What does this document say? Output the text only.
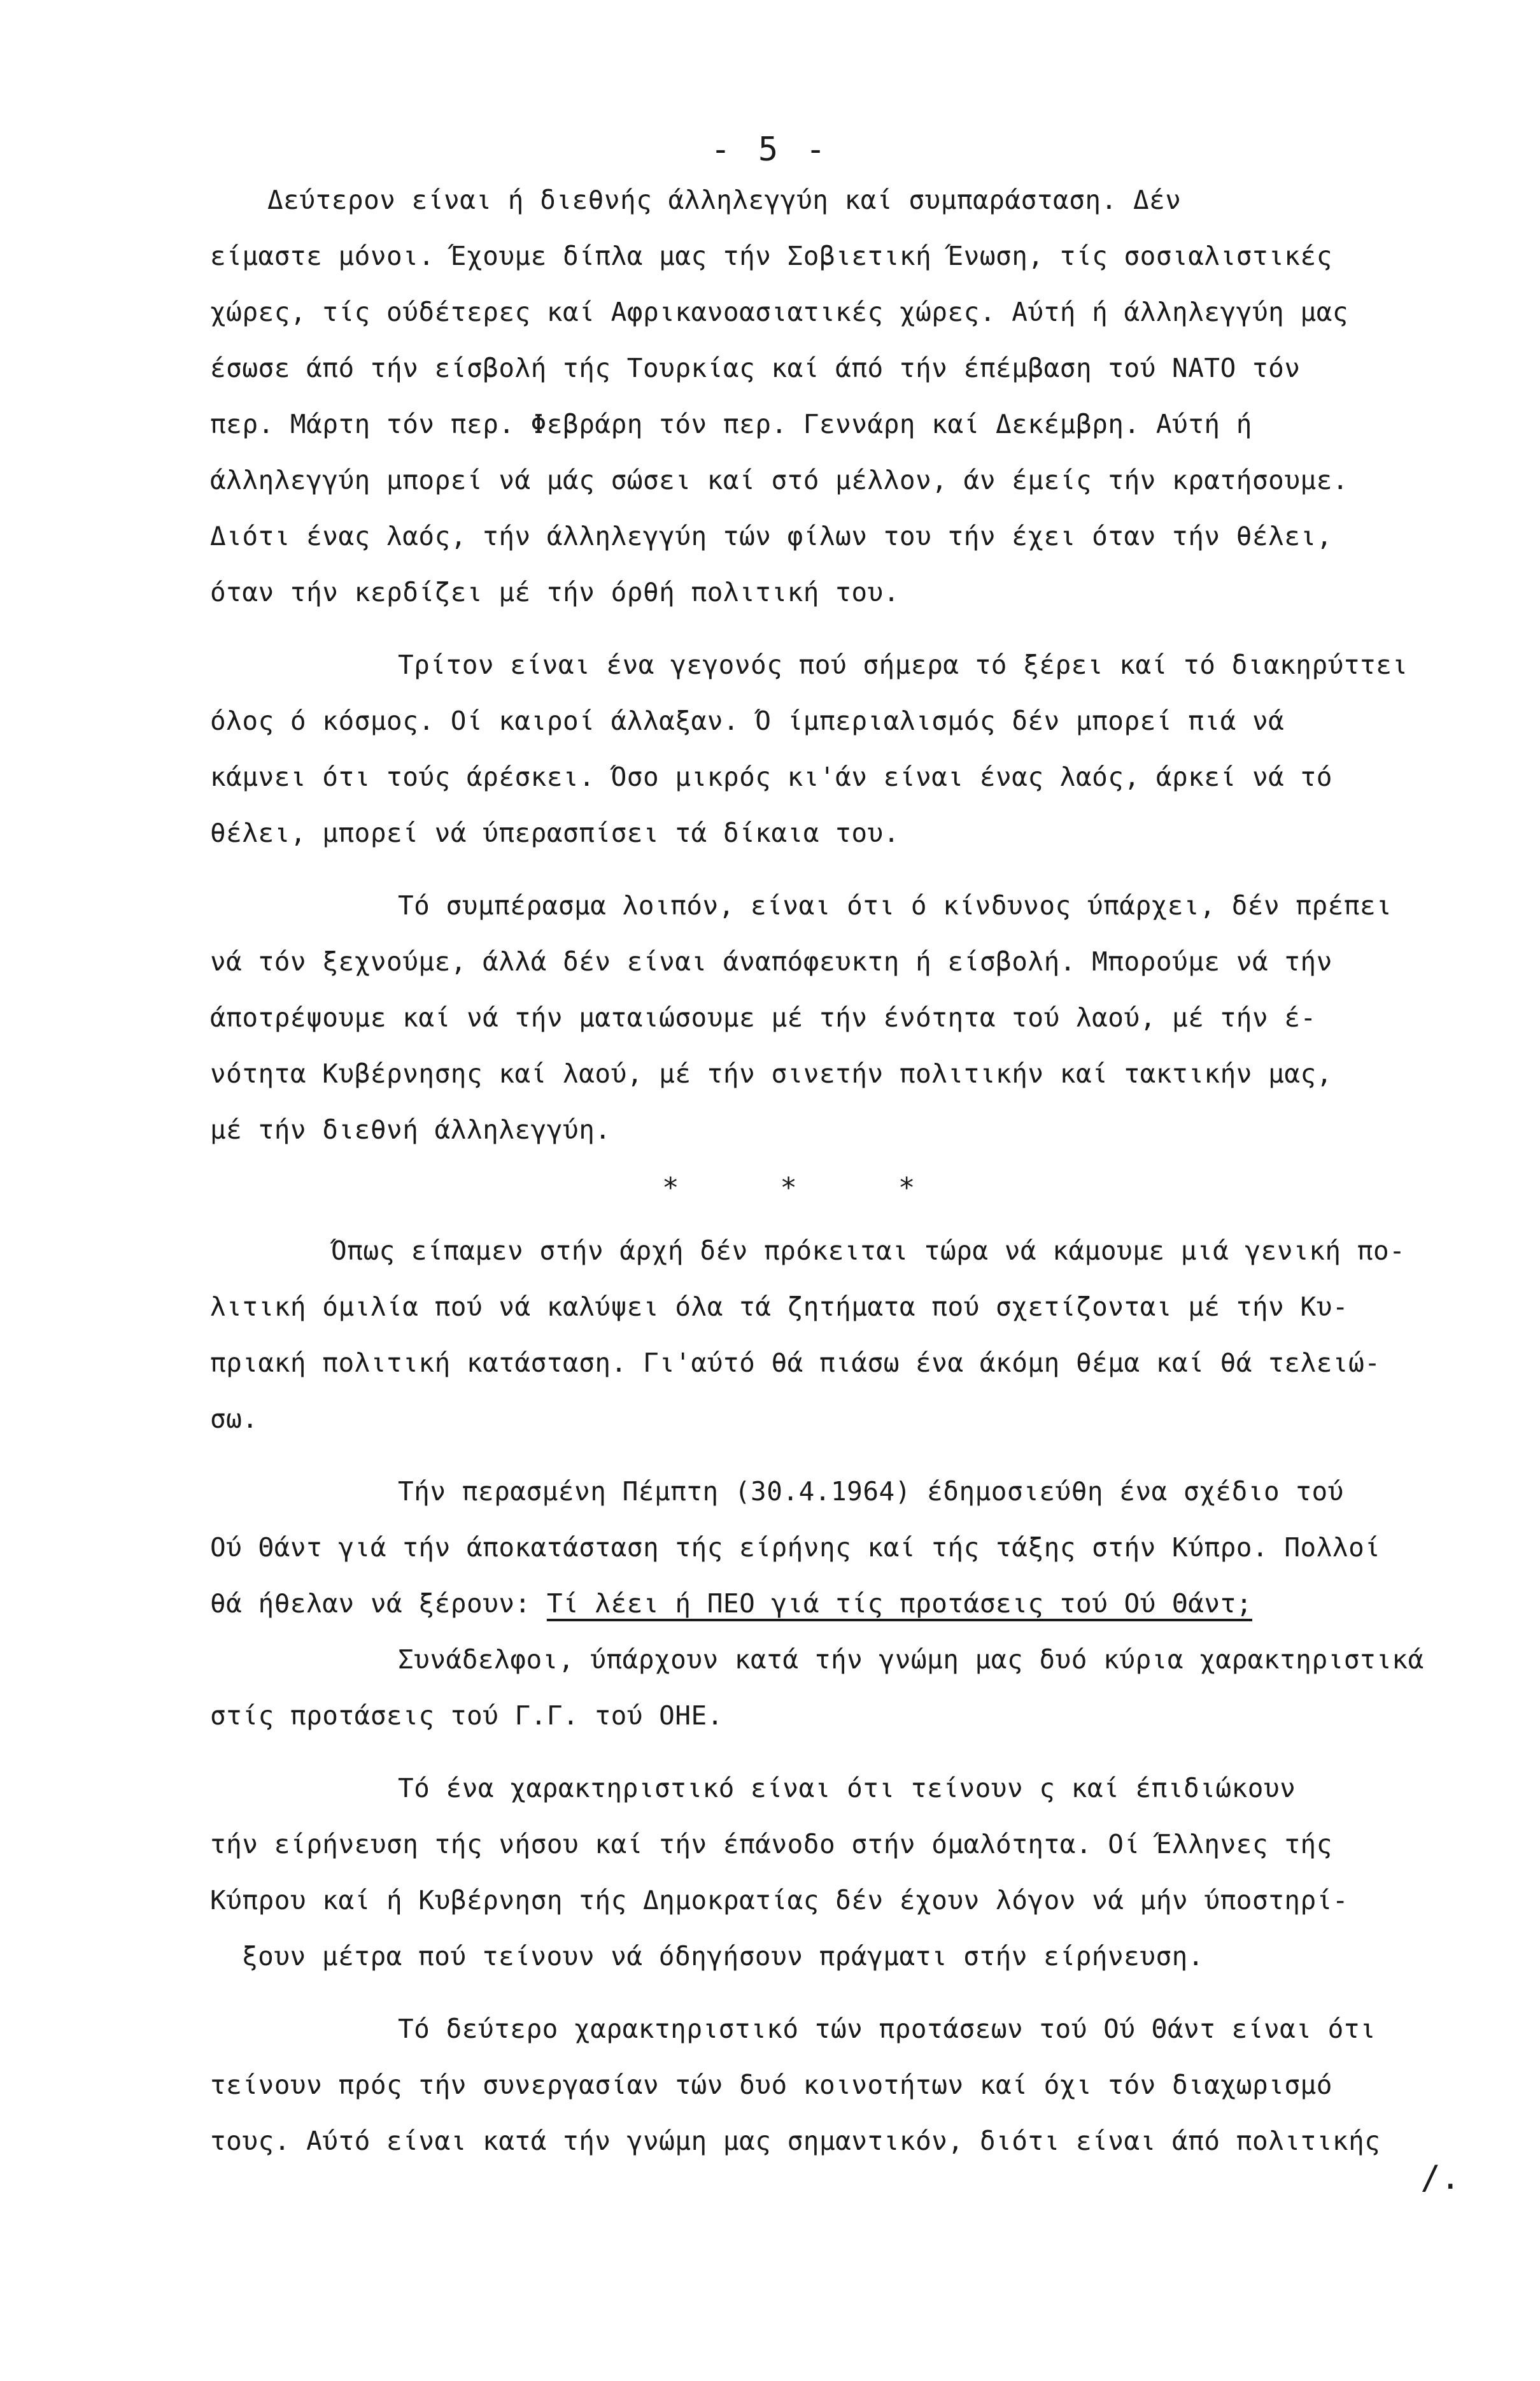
- 5 -
Δεύτερον είναι ή διεθνής άλληλεγγύη καί συμπαράσταση. Δέν
είμαστε μόνοι. Έχουμε δίπλα μας τήν Σοβιετική Ένωση, τίς σοσιαλιστικές
χώρες, τίς ούδέτερες καί Αφρικανοασιατικές χώρες. Αύτή ή άλληλεγγύη μας
έσωσε άπό τήν είσβολή τής Τουρκίας καί άπό τήν έπέμβαση τού ΝΑΤΟ τόν
περ. Μάρτη τόν περ. Φεβράρη τόν περ. Γεννάρη καί Δεκέμβρη. Αύτή ή
άλληλεγγύη μπορεί νά μάς σώσει καί στό μέλλον, άν έμείς τήν κρατήσουμε.
Διότι ένας λαός, τήν άλληλεγγύη τών φίλων του τήν έχει όταν τήν θέλει,
όταν τήν κερδίζει μέ τήν όρθή πολιτική του.
Τρίτον είναι ένα γεγονός πού σήμερα τό ξέρει καί τό διακηρύττει
όλος ό κόσμος. Οί καιροί άλλαξαν. Ό ίμπεριαλισμός δέν μπορεί πιά νά
κάμνει ότι τούς άρέσκει. Όσο μικρός κι'άν είναι ένας λαός, άρκεί νά τό
θέλει, μπορεί νά ύπερασπίσει τά δίκαια του.
Τό συμπέρασμα λοιπόν, είναι ότι ό κίνδυνος ύπάρχει, δέν πρέπει
νά τόν ξεχνούμε, άλλά δέν είναι άναπόφευκτη ή είσβολή. Μπορούμε νά τήν
άποτρέψουμε καί νά τήν ματαιώσουμε μέ τήν ένότητα τού λαού, μέ τήν έ-
νότητα Κυβέρνησης καί λαού, μέ τήν σινετήν πολιτικήν καί τακτικήν μας,
μέ τήν διεθνή άλληλεγγύη.
*      *      *
Όπως είπαμεν στήν άρχή δέν πρόκειται τώρα νά κάμουμε μιά γενική πο-
λιτική όμιλία πού νά καλύψει όλα τά ζητήματα πού σχετίζονται μέ τήν Κυ-
πριακή πολιτική κατάσταση. Γι'αύτό θά πιάσω ένα άκόμη θέμα καί θά τελειώ-
σω.
Τήν περασμένη Πέμπτη (30.4.1964) έδημοσιεύθη ένα σχέδιο τού
Ού Θάντ γιά τήν άποκατάσταση τής είρήνης καί τής τάξης στήν Κύπρο. Πολλοί
θά ήθελαν νά ξέρουν: Τί λέει ή ΠΕΟ γιά τίς προτάσεις τού Ού Θάντ;
Συνάδελφοι, ύπάρχουν κατά τήν γνώμη μας δυό κύρια χαρακτηριστικά
στίς προτάσεις τού Γ.Γ. τού ΟΗΕ.
Τό ένα χαρακτηριστικό είναι ότι τείνουν ς καί έπιδιώκουν
τήν είρήνευση τής νήσου καί τήν έπάνοδο στήν όμαλότητα. Οί Έλληνες τής
Κύπρου καί ή Κυβέρνηση τής Δημοκρατίας δέν έχουν λόγον νά μήν ύποστηρί-
ξουν μέτρα πού τείνουν νά όδηγήσουν πράγματι στήν είρήνευση.
Τό δεύτερο χαρακτηριστικό τών προτάσεων τού Ού Θάντ είναι ότι
τείνουν πρός τήν συνεργασίαν τών δυό κοινοτήτων καί όχι τόν διαχωρισμό
τους. Αύτό είναι κατά τήν γνώμη μας σημαντικόν, διότι είναι άπό πολιτικής
/.
